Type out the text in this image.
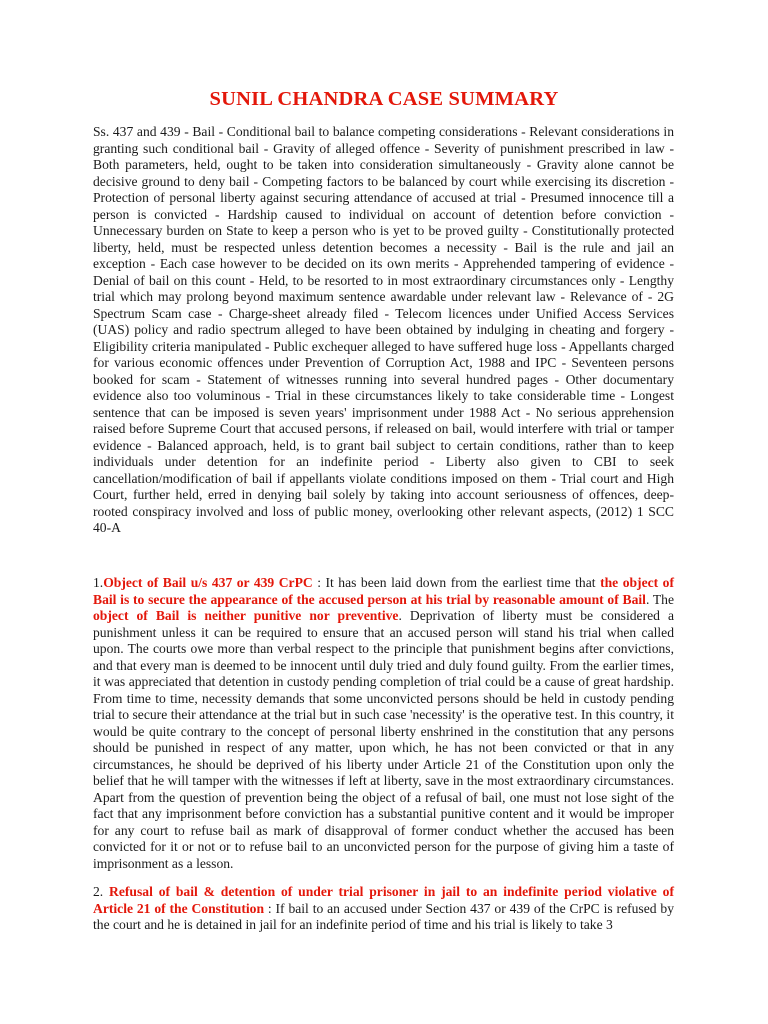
SUNIL CHANDRA CASE SUMMARY
Ss. 437 and 439 - Bail - Conditional bail to balance competing considerations - Relevant considerations in granting such conditional bail - Gravity of alleged offence - Severity of punishment prescribed in law - Both parameters, held, ought to be taken into consideration simultaneously - Gravity alone cannot be decisive ground to deny bail - Competing factors to be balanced by court while exercising its discretion - Protection of personal liberty against securing attendance of accused at trial - Presumed innocence till a person is convicted - Hardship caused to individual on account of detention before conviction - Unnecessary burden on State to keep a person who is yet to be proved guilty - Constitutionally protected liberty, held, must be respected unless detention becomes a necessity - Bail is the rule and jail an exception - Each case however to be decided on its own merits - Apprehended tampering of evidence - Denial of bail on this count - Held, to be resorted to in most extraordinary circumstances only - Lengthy trial which may prolong beyond maximum sentence awardable under relevant law - Relevance of - 2G Spectrum Scam case - Charge-sheet already filed - Telecom licences under Unified Access Services (UAS) policy and radio spectrum alleged to have been obtained by indulging in cheating and forgery - Eligibility criteria manipulated - Public exchequer alleged to have suffered huge loss - Appellants charged for various economic offences under Prevention of Corruption Act, 1988 and IPC - Seventeen persons booked for scam - Statement of witnesses running into several hundred pages - Other documentary evidence also too voluminous - Trial in these circumstances likely to take considerable time - Longest sentence that can be imposed is seven years' imprisonment under 1988 Act - No serious apprehension raised before Supreme Court that accused persons, if released on bail, would interfere with trial or tamper evidence - Balanced approach, held, is to grant bail subject to certain conditions, rather than to keep individuals under detention for an indefinite period - Liberty also given to CBI to seek cancellation/modification of bail if appellants violate conditions imposed on them - Trial court and High Court, further held, erred in denying bail solely by taking into account seriousness of offences, deep-rooted conspiracy involved and loss of public money, overlooking other relevant aspects, (2012) 1 SCC 40-A
1.Object of Bail u/s 437 or 439 CrPC : It has been laid down from the earliest time that the object of Bail is to secure the appearance of the accused person at his trial by reasonable amount of Bail. The object of Bail is neither punitive nor preventive. Deprivation of liberty must be considered a punishment unless it can be required to ensure that an accused person will stand his trial when called upon. The courts owe more than verbal respect to the principle that punishment begins after convictions, and that every man is deemed to be innocent until duly tried and duly found guilty. From the earlier times, it was appreciated that detention in custody pending completion of trial could be a cause of great hardship. From time to time, necessity demands that some unconvicted persons should be held in custody pending trial to secure their attendance at the trial but in such case 'necessity' is the operative test. In this country, it would be quite contrary to the concept of personal liberty enshrined in the constitution that any persons should be punished in respect of any matter, upon which, he has not been convicted or that in any circumstances, he should be deprived of his liberty under Article 21 of the Constitution upon only the belief that he will tamper with the witnesses if left at liberty, save in the most extraordinary circumstances. Apart from the question of prevention being the object of a refusal of bail, one must not lose sight of the fact that any imprisonment before conviction has a substantial punitive content and it would be improper for any court to refuse bail as mark of disapproval of former conduct whether the accused has been convicted for it or not or to refuse bail to an unconvicted person for the purpose of giving him a taste of imprisonment as a lesson.
2. Refusal of bail & detention of under trial prisoner in jail to an indefinite period violative of Article 21 of the Constitution : If bail to an accused under Section 437 or 439 of the CrPC is refused by the court and he is detained in jail for an indefinite period of time and his trial is likely to take 3
